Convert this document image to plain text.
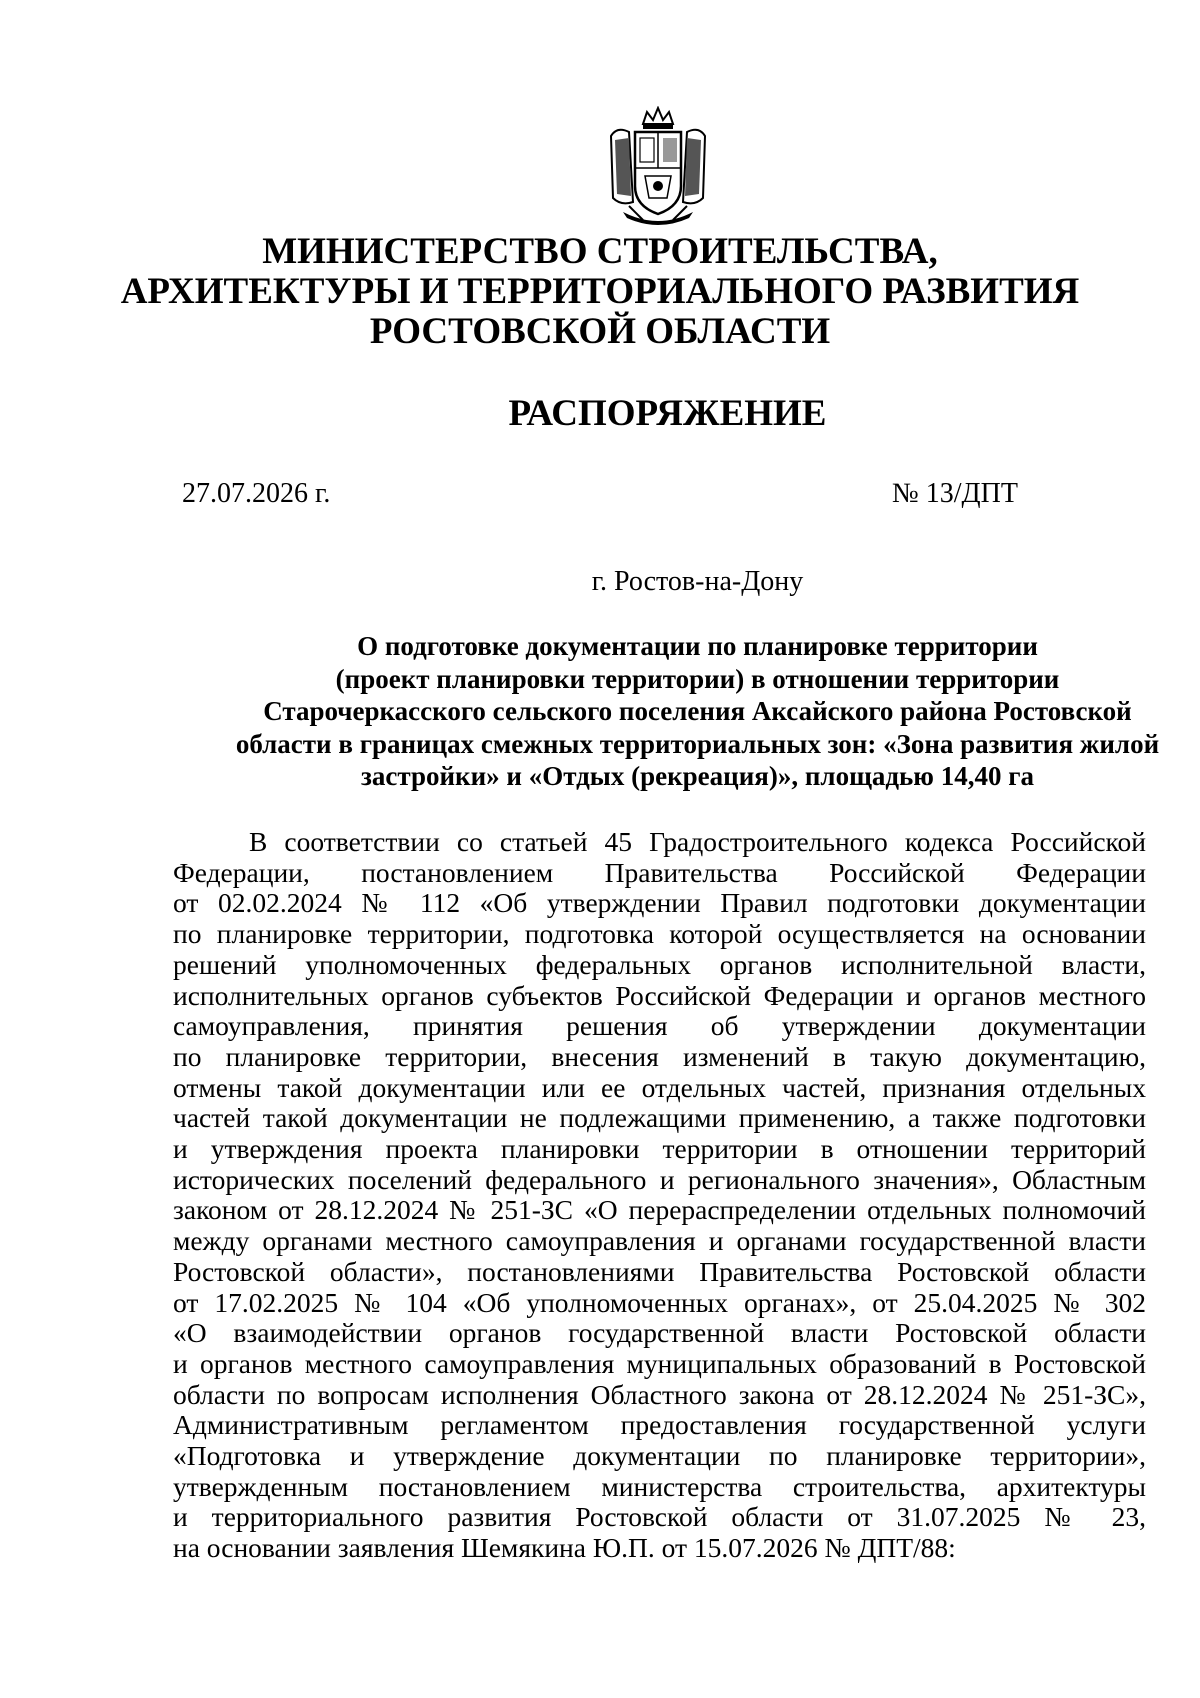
МИНИСТЕРСТВО СТРОИТЕЛЬСТВА,
АРХИТЕКТУРЫ И ТЕРРИТОРИАЛЬНОГО РАЗВИТИЯ
РОСТОВСКОЙ ОБЛАСТИ
РАСПОРЯЖЕНИЕ
27.07.2026 г.	№ 13/ДПТ
г. Ростов-на-Дону
О подготовке документации по планировке территории
(проект планировки территории) в отношении территории
Старочеркасского сельского поселения Аксайского района Ростовской
области в границах смежных территориальных зон: «Зона развития жилой
застройки» и «Отдых (рекреация)», площадью 14,40 га
В соответствии со статьей 45 Градостроительного кодекса Российской
Федерации, постановлением Правительства Российской Федерации
от 02.02.2024 № 112 «Об утверждении Правил подготовки документации
по планировке территории, подготовка которой осуществляется на основании
решений уполномоченных федеральных органов исполнительной власти,
исполнительных органов субъектов Российской Федерации и органов местного
самоуправления, принятия решения об утверждении документации
по планировке территории, внесения изменений в такую документацию,
отмены такой документации или ее отдельных частей, признания отдельных
частей такой документации не подлежащими применению, а также подготовки
и утверждения проекта планировки территории в отношении территорий
исторических поселений федерального и регионального значения», Областным
законом от 28.12.2024 № 251-ЗС «О перераспределении отдельных полномочий
между органами местного самоуправления и органами государственной власти
Ростовской области», постановлениями Правительства Ростовской области
от 17.02.2025 № 104 «Об уполномоченных органах», от 25.04.2025 № 302
«О взаимодействии органов государственной власти Ростовской области
и органов местного самоуправления муниципальных образований в Ростовской
области по вопросам исполнения Областного закона от 28.12.2024 № 251-ЗС»,
Административным регламентом предоставления государственной услуги
«Подготовка и утверждение документации по планировке территории»,
утвержденным постановлением министерства строительства, архитектуры
и территориального развития Ростовской области от 31.07.2025 № 23,
на основании заявления Шемякина Ю.П. от 15.07.2026 № ДПТ/88:
